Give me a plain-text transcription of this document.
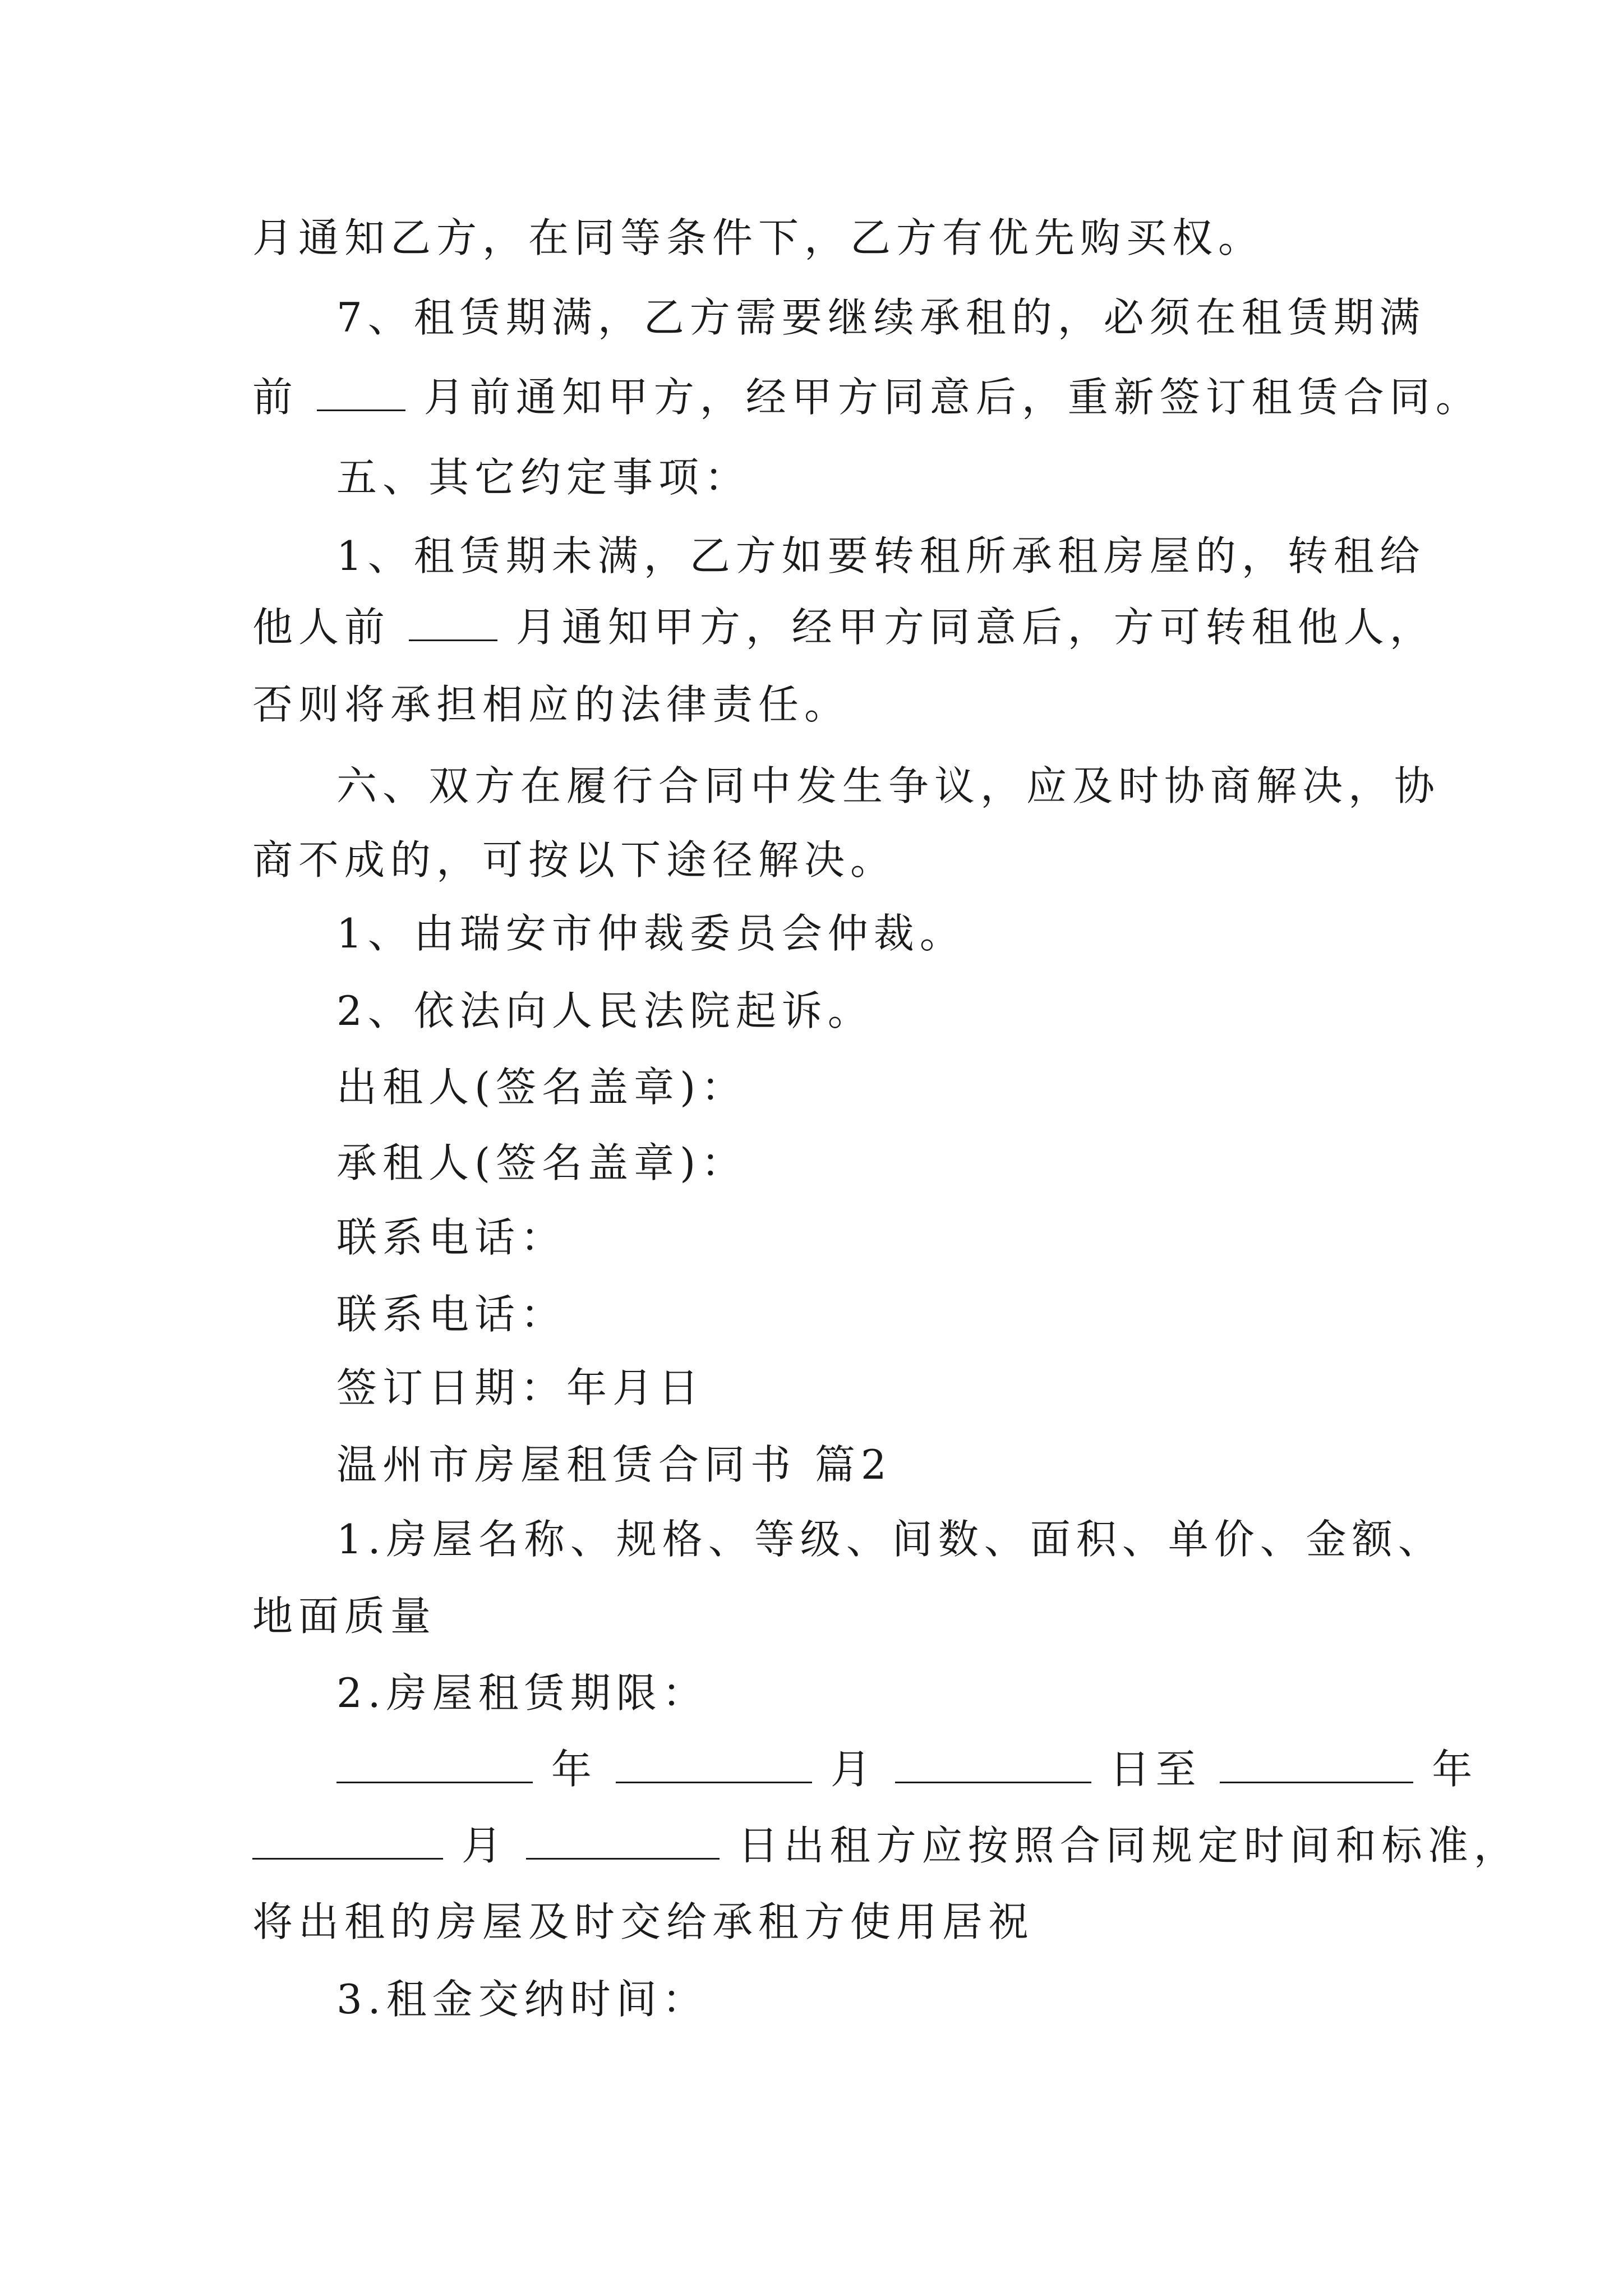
月通知乙方，在同等条件下，乙方有优先购买权。
7、租赁期满，乙方需要继续承租的，必须在租赁期满
前	月前通知甲方，经甲方同意后，重新签订租赁合同。
五、其它约定事项：
1、租赁期未满，乙方如要转租所承租房屋的，转租给
他人前	月通知甲方，经甲方同意后，方可转租他人，
否则将承担相应的法律责任。
六、双方在履行合同中发生争议，应及时协商解决，协
商不成的，可按以下途径解决。
1、由瑞安市仲裁委员会仲裁。
2、依法向人民法院起诉。
出租人(签名盖章)：
承租人(签名盖章)：
联系电话：
联系电话：
签订日期：年月日
温州市房屋租赁合同书 篇2
1.房屋名称、规格、等级、间数、面积、单价、金额、
地面质量
2.房屋租赁期限：
年	月	日至	年
月	日出租方应按照合同规定时间和标准，
将出租的房屋及时交给承租方使用居祝
3.租金交纳时间：
